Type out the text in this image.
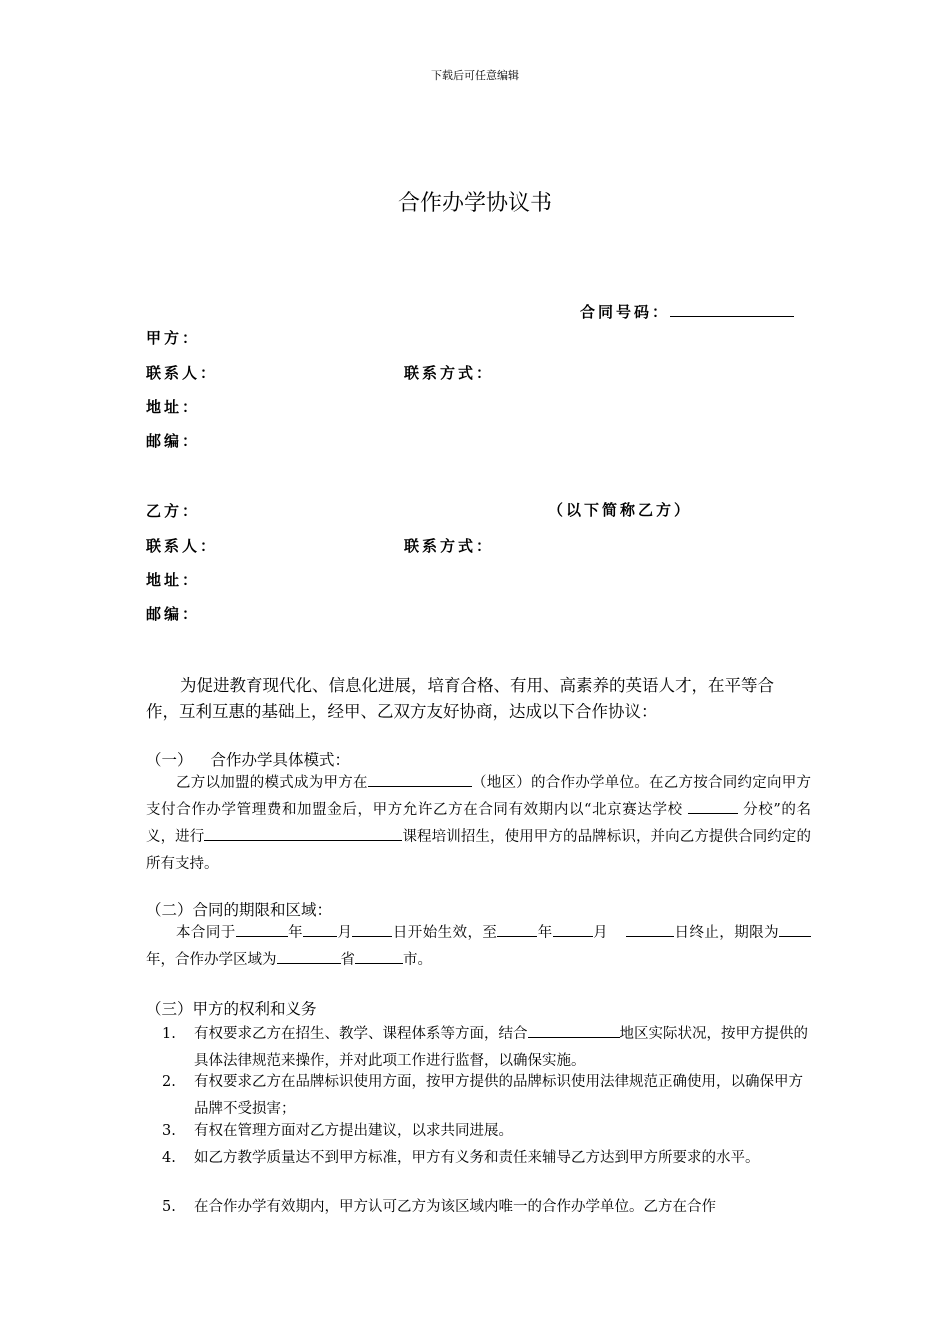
下载后可任意编辑
合作办学协议书
合同号码：
甲方：
联系人：	联系方式：
地址：
邮编：
乙方：	（以下简称乙方）
联系人：	联系方式：
地址：
邮编：
为促进教育现代化、信息化进展，培育合格、有用、高素养的英语人才，在平等合作，互利互惠的基础上，经甲、乙双方友好协商，达成以下合作协议：
（一） 合作办学具体模式：
乙方以加盟的模式成为甲方在	（地区）的合作办学单位。在乙方按合同约定向甲方支付合作办学管理费和加盟金后，甲方允许乙方在合同有效期内以“北京赛达学校	分校”的名义，进行	课程培训招生，使用甲方的品牌标识，并向乙方提供合同约定的所有支持。
（二）合同的期限和区域：
本合同于	年 月	日开始生效，至	年	月	日终止，期限为年，合作办学区域为	省	市。
（三）甲方的权利和义务
1. 有权要求乙方在招生、教学、课程体系等方面，结合	地区实际状况，按甲方提供的具体法律规范来操作，并对此项工作进行监督，以确保实施。
2. 有权要求乙方在品牌标识使用方面，按甲方提供的品牌标识使用法律规范正确使用，以确保甲方品牌不受损害；
3. 有权在管理方面对乙方提出建议，以求共同进展。
4. 如乙方教学质量达不到甲方标准，甲方有义务和责任来辅导乙方达到甲方所要求的水平。
5. 在合作办学有效期内，甲方认可乙方为该区域内唯一的合作办学单位。乙方在合作
